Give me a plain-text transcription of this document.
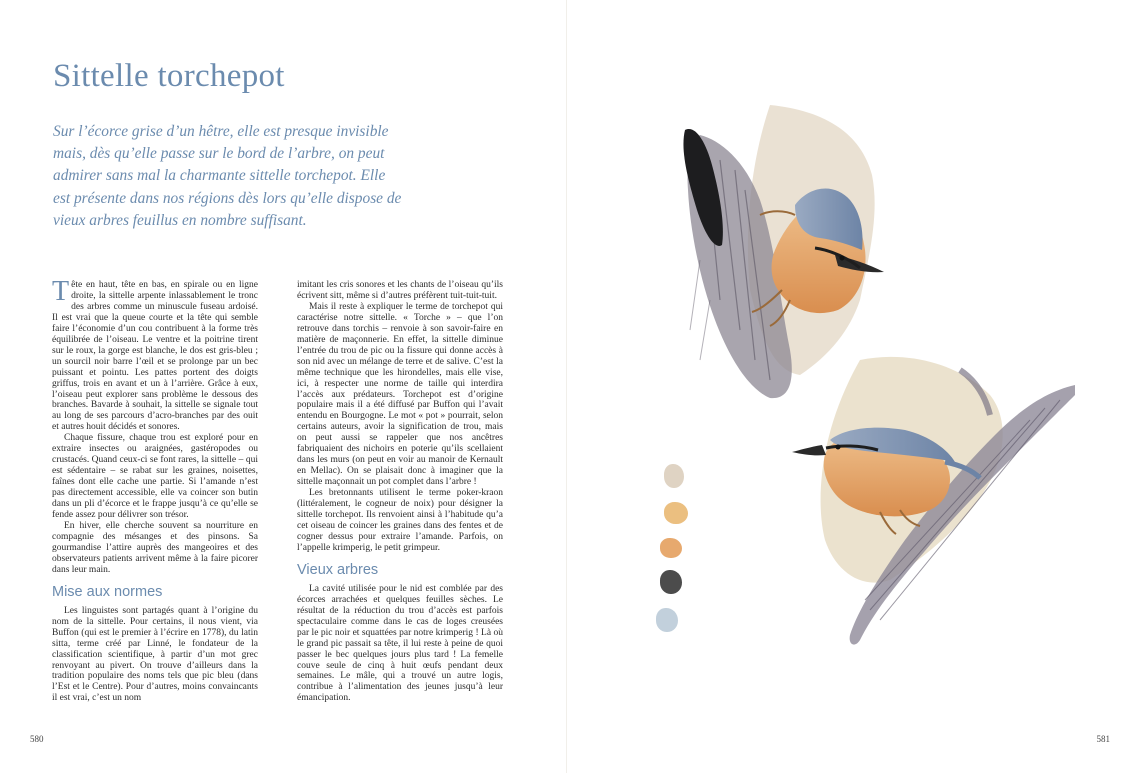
Sittelle torchepot

Sur l’écorce grise d’un hêtre, elle est presque invisible mais, dès qu’elle passe sur le bord de l’arbre, on peut admirer sans mal la charmante sittelle torchepot. Elle est présente dans nos régions dès lors qu’elle dispose de vieux arbres feuillus en nombre suffisant.

Tête en haut, tête en bas, en spirale ou en ligne droite, la sittelle arpente inlassablement le tronc des arbres comme un minuscule fuseau ardoisé. Il est vrai que la queue courte et la tête qui semble faire l’économie d’un cou contribuent à la forme très équilibrée de l’oiseau. Le ventre et la poitrine tirent sur le roux, la gorge est blanche, le dos est gris-bleu ; un sourcil noir barre l’œil et se prolonge par un bec puissant et pointu. Les pattes portent des doigts griffus, trois en avant et un à l’arrière. Grâce à eux, l’oiseau peut explorer sans problème le dessous des branches. Bavarde à souhait, la sittelle se signale tout au long de ses parcours d’acro-branches par des ouit et autres houit décidés et sonores.

Chaque fissure, chaque trou est exploré pour en extraire insectes ou araignées, gastéropodes ou crustacés. Quand ceux-ci se font rares, la sittelle – qui est sédentaire – se rabat sur les graines, noisettes, faînes dont elle cache une partie. Si l’amande n’est pas directement accessible, elle va coincer son butin dans un pli d’écorce et le frappe jusqu’à ce qu’elle se fende assez pour délivrer son trésor.

En hiver, elle cherche souvent sa nourriture en compagnie des mésanges et des pinsons. Sa gourmandise l’attire auprès des mangeoires et des observateurs patients arrivent même à la faire picorer dans leur main.

Mise aux normes

Les linguistes sont partagés quant à l’origine du nom de la sittelle. Pour certains, il nous vient, via Buffon (qui est le premier à l’écrire en 1778), du latin sitta, terme créé par Linné, le fondateur de la classification scientifique, à partir d’un mot grec renvoyant au pivert. On trouve d’ailleurs dans la tradition populaire des noms tels que pic bleu (dans l’Est et le Centre). Pour d’autres, moins convaincants il est vrai, c’est un nom

imitant les cris sonores et les chants de l’oiseau qu’ils écrivent sitt, même si d’autres préfèrent tuit-tuit-tuit.

Mais il reste à expliquer le terme de torchepot qui caractérise notre sittelle. « Torche » – que l’on retrouve dans torchis – renvoie à son savoir-faire en matière de maçonnerie. En effet, la sittelle diminue l’entrée du trou de pic ou la fissure qui donne accès à son nid avec un mélange de terre et de salive. C’est la même technique que les hirondelles, mais elle vise, ici, à respecter une norme de taille qui interdira l’accès aux prédateurs. Torchepot est d’origine populaire mais il a été diffusé par Buffon qui l’avait entendu en Bourgogne. Le mot « pot » pourrait, selon certains auteurs, avoir la signification de trou, mais on peut aussi se rappeler que nos ancêtres fabriquaient des nichoirs en poterie qu’ils scellaient dans les murs (on peut en voir au manoir de Kernault en Mellac). On se plaisait donc à imaginer que la sittelle maçonnait un pot complet dans l’arbre !

Les bretonnants utilisent le terme poker-kraon (littéralement, le cogneur de noix) pour désigner la sittelle torchepot. Ils renvoient ainsi à l’habitude qu’a cet oiseau de coincer les graines dans des fentes et de cogner dessus pour extraire l’amande. Parfois, on l’appelle krimperig, le petit grimpeur.

Vieux arbres

La cavité utilisée pour le nid est comblée par des écorces arrachées et quelques feuilles sèches. Le résultat de la réduction du trou d’accès est parfois spectaculaire comme dans le cas de loges creusées par le pic noir et squattées par notre krimperig ! Là où le grand pic passait sa tête, il lui reste à peine de quoi passer le bec quelques jours plus tard ! La femelle couve seule de cinq à huit œufs pendant deux semaines. Le mâle, qui a trouvé un autre logis, contribue à l’alimentation des jeunes jusqu’à leur émancipation.

580	581
